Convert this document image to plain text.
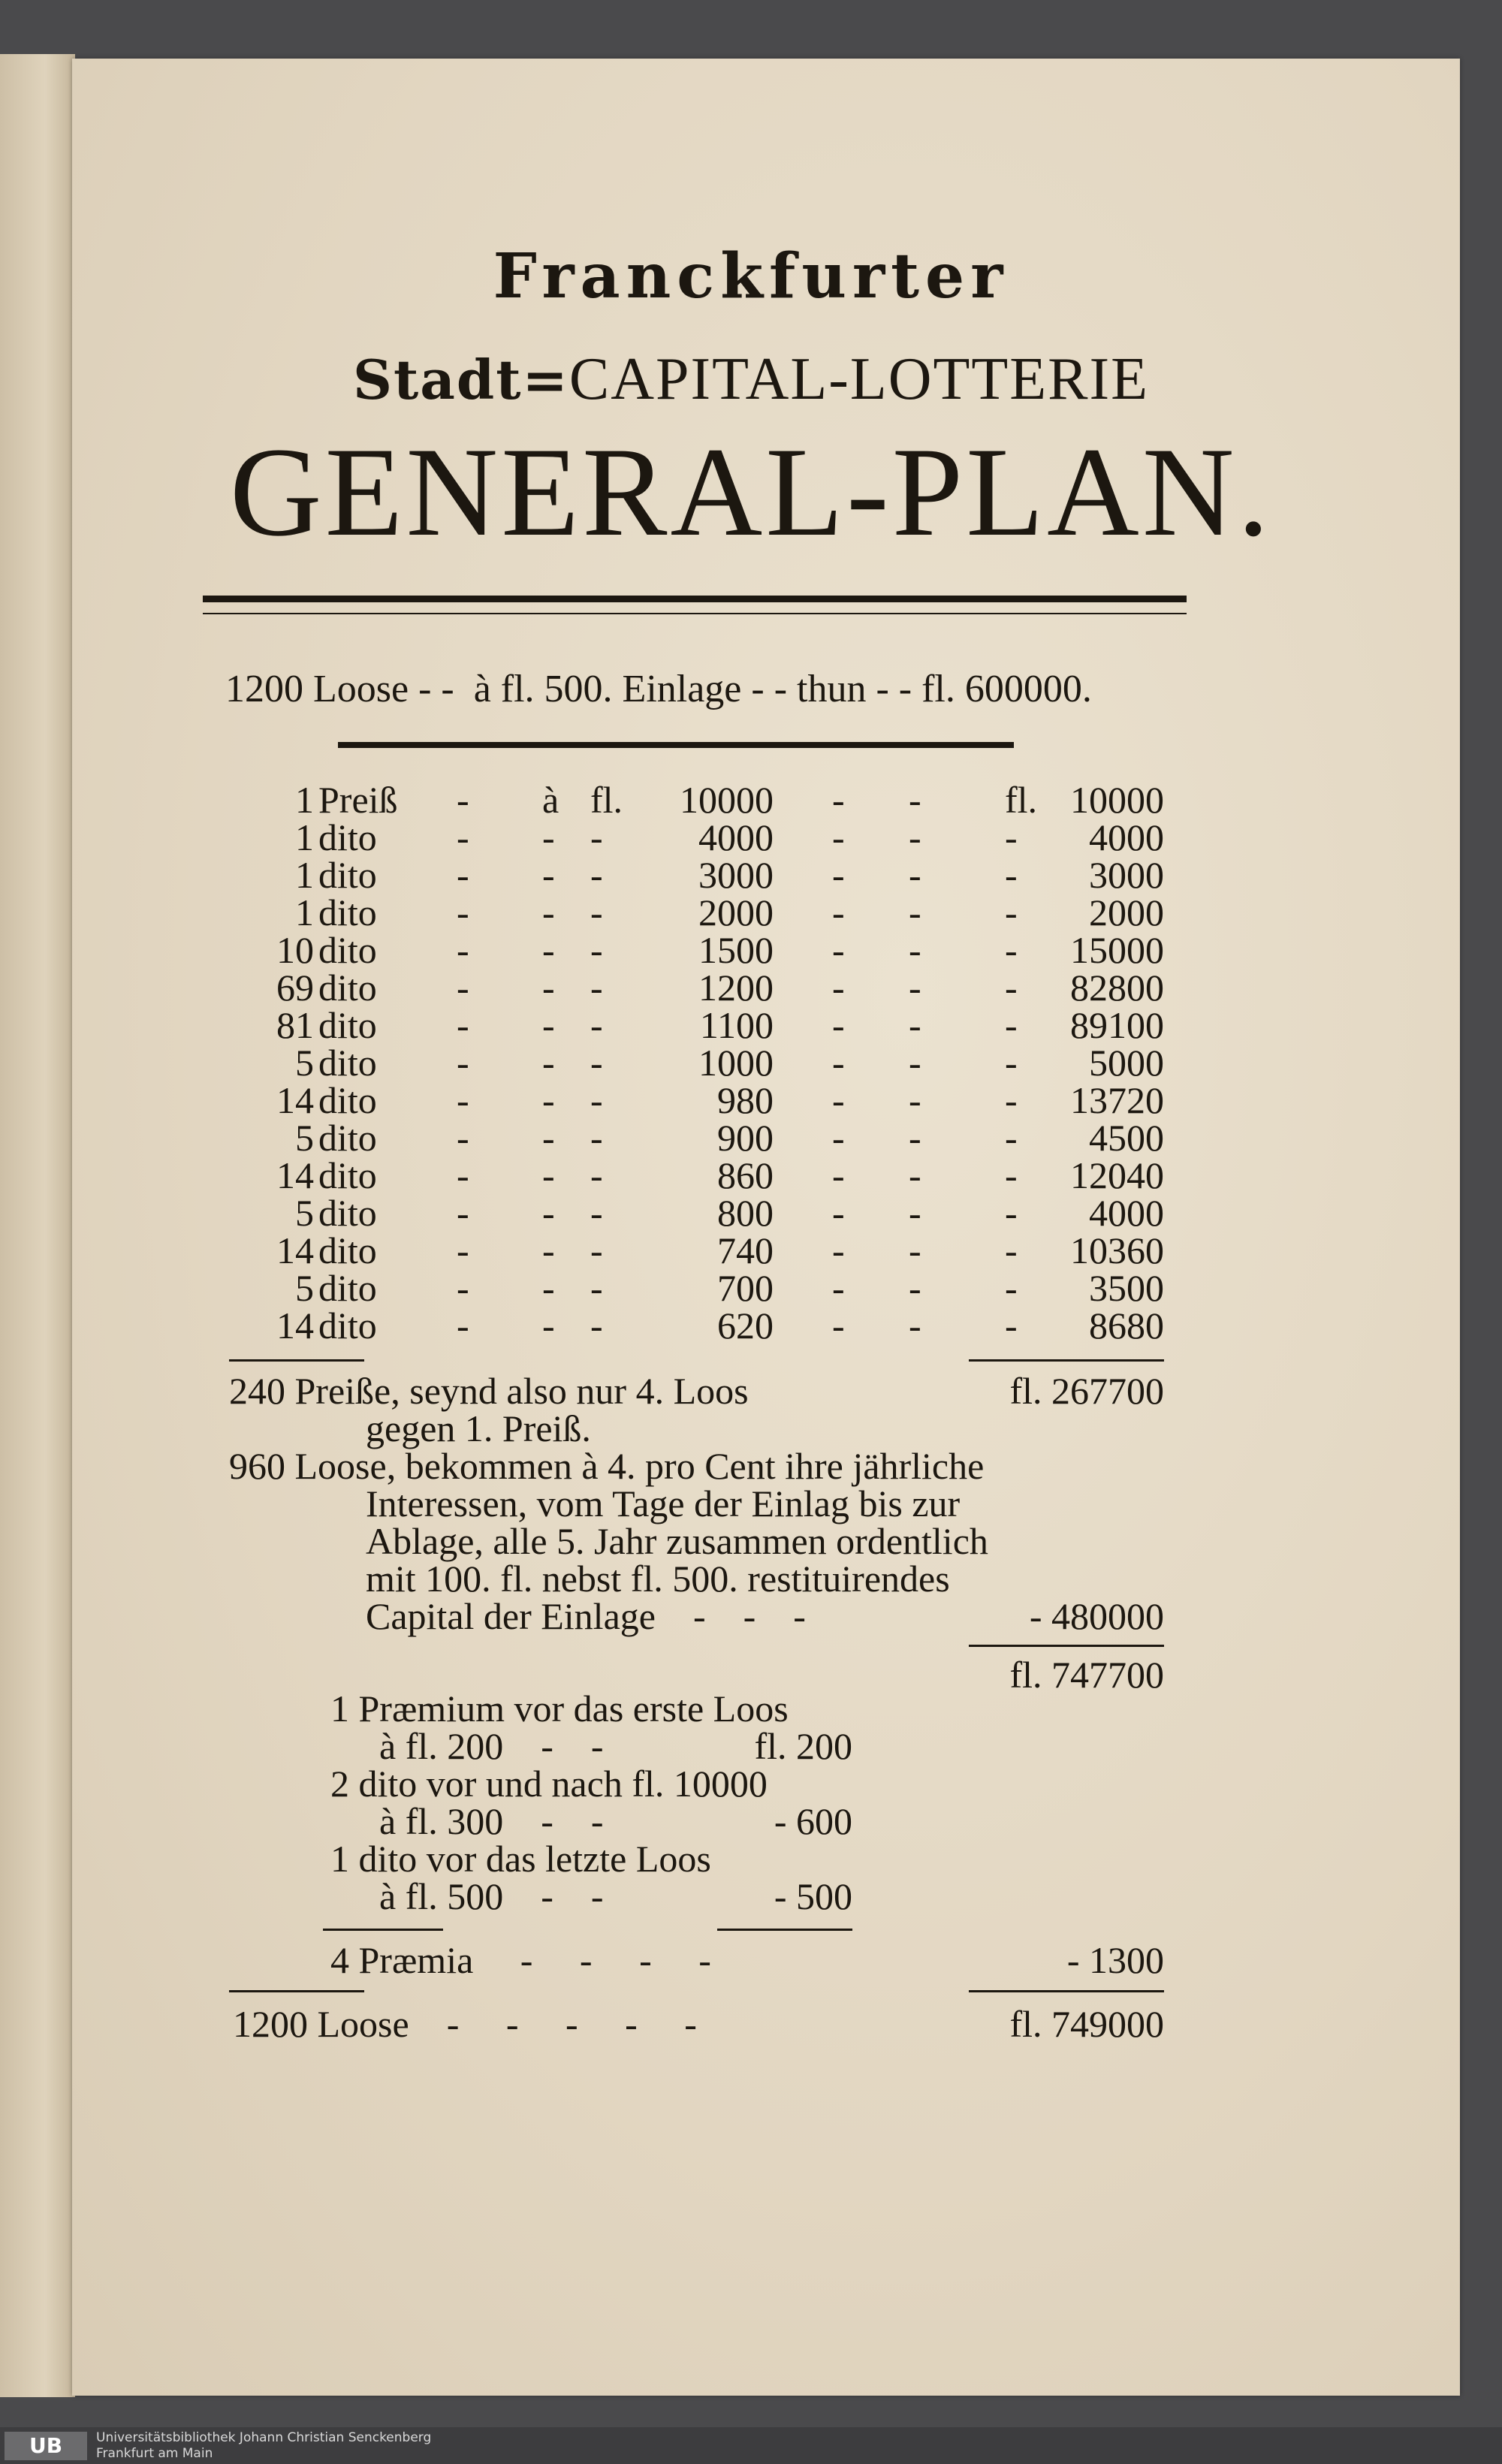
Franckfurter
Stadt=CAPITAL-LOTTERIE
GENERAL-PLAN.
1200 Loose - -  à fl. 500. Einlage - - thun - - fl. 600000.
1 Preiß - à fl.	10000 - - fl. 10000
1 dito - - -	4000 - - -	4000
1 dito - - -	3000 - - -	3000
1 dito - - -	2000 - - -	2000
10 dito - - -	1500 - - -	15000
69 dito - - -	1200 - - -	82800
81 dito - - -	1100 - - -	89100
5 dito - - -	1000 - - -	5000
14 dito - - -	980 - - -	13720
5 dito - - -	900 - - -	4500
14 dito - - -	860 - - -	12040
5 dito - - -	800 - - -	4000
14 dito - - -	740 - - -	10360
5 dito - - -	700 - - -	3500
14 dito - - -	620 - - -	8680
240 Preiße, seynd also nur 4. Loos
gegen 1. Preiß.
fl. 267700
960 Loose, bekommen à 4. pro Cent ihre jährliche
Interessen, vom Tage der Einlag bis zur
Ablage, alle 5. Jahr zusammen ordentlich
mit 100. fl. nebst fl. 500. restituirendes
Capital der Einlage    -    -    -	- 480000
fl. 747700
1 Præmium vor das erste Loos
à fl. 200    -    -	fl. 200
2 dito vor und nach fl. 10000
à fl. 300    -    -	- 600
1 dito vor das letzte Loos
à fl. 500    -    -	- 500
4 Præmia     -     -     -     -	- 1300
1200 Loose    -     -     -     -     -	fl. 749000
UB	Universitätsbibliothek Johann Christian Senckenberg
Frankfurt am Main
